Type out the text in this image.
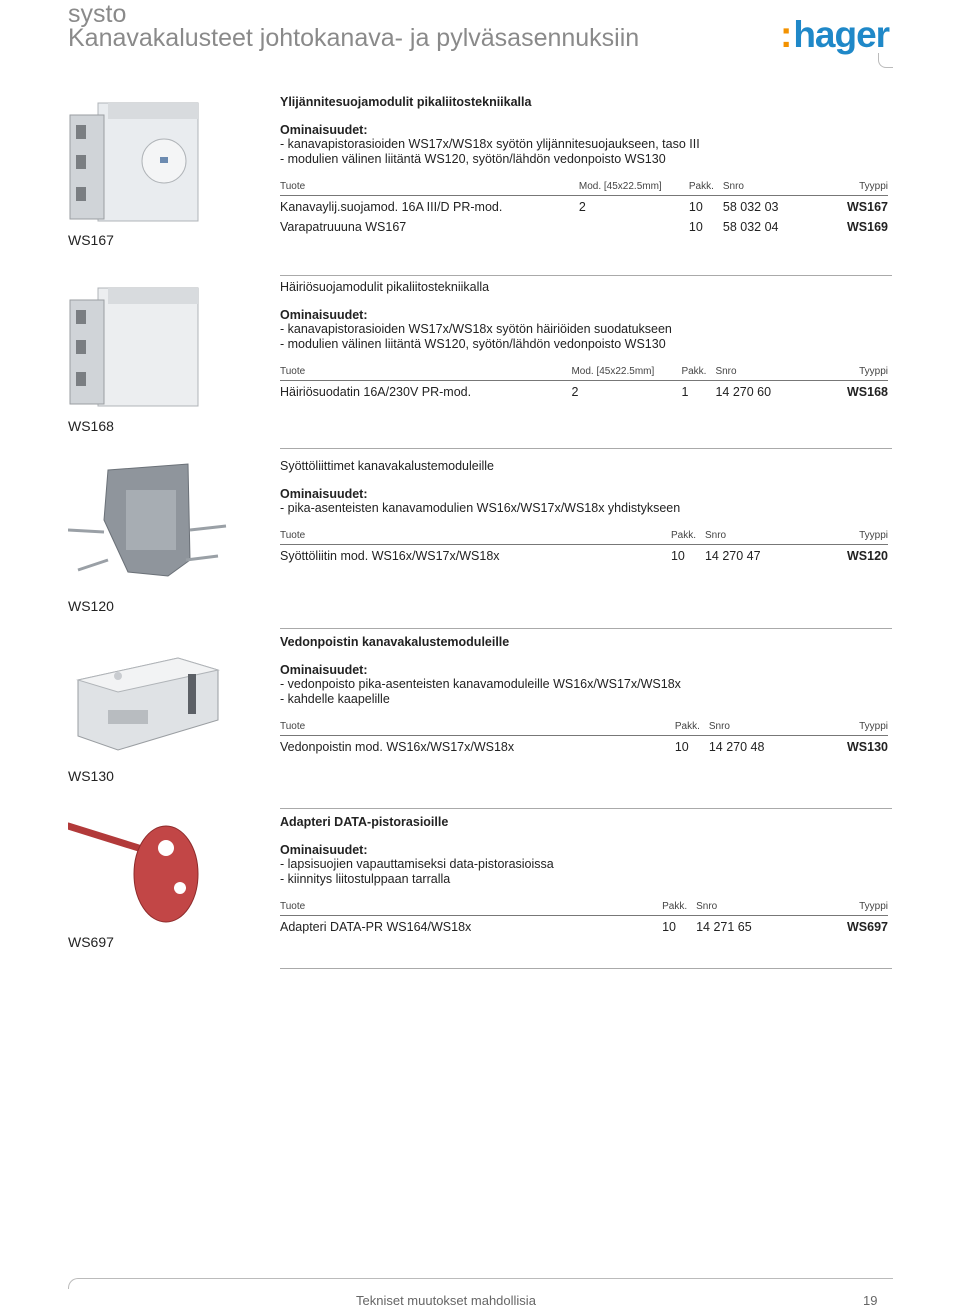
systo
Kanavakalusteet johtokanava- ja pylväsasennuksiin	:hager
WS167
Ylijännitesuojamodulit pikaliitostekniikalla
Ominaisuudet:
- kanavapistorasioiden WS17x/WS18x syötön ylijännitesuojaukseen, taso III
- modulien välinen liitäntä WS120, syötön/lähdön vedonpoisto WS130
Tuote	Mod. [45x22.5mm]	Pakk.	Snro	Tyyppi
Kanavaylij.suojamod. 16A III/D PR-mod.	2	10	58 032 03	WS167
Varapatruuuna WS167		10	58 032 04	WS169
WS168
Häiriösuojamodulit pikaliitostekniikalla
Ominaisuudet:
- kanavapistorasioiden WS17x/WS18x syötön häiriöiden suodatukseen
- modulien välinen liitäntä WS120, syötön/lähdön vedonpoisto WS130
Tuote	Mod. [45x22.5mm]	Pakk.	Snro	Tyyppi
Häiriösuodatin 16A/230V PR-mod.	2	1	14 270 60	WS168
WS120
Syöttöliittimet kanavakalustemoduleille
Ominaisuudet:
- pika-asenteisten kanavamodulien WS16x/WS17x/WS18x yhdistykseen
Tuote	Pakk.	Snro	Tyyppi
Syöttöliitin mod. WS16x/WS17x/WS18x	10	14 270 47	WS120
WS130
Vedonpoistin kanavakalustemoduleille
Ominaisuudet:
- vedonpoisto pika-asenteisten kanavamoduleille WS16x/WS17x/WS18x
- kahdelle kaapelille
Tuote	Pakk.	Snro	Tyyppi
Vedonpoistin mod. WS16x/WS17x/WS18x	10	14 270 48	WS130
WS697
Adapteri DATA-pistorasioille
Ominaisuudet:
- lapsisuojien vapauttamiseksi data-pistorasioissa
- kiinnitys liitostulppaan tarralla
Tuote	Pakk.	Snro	Tyyppi
Adapteri DATA-PR WS164/WS18x	10	14 271 65	WS697
Tekniset muutokset mahdollisia	19
